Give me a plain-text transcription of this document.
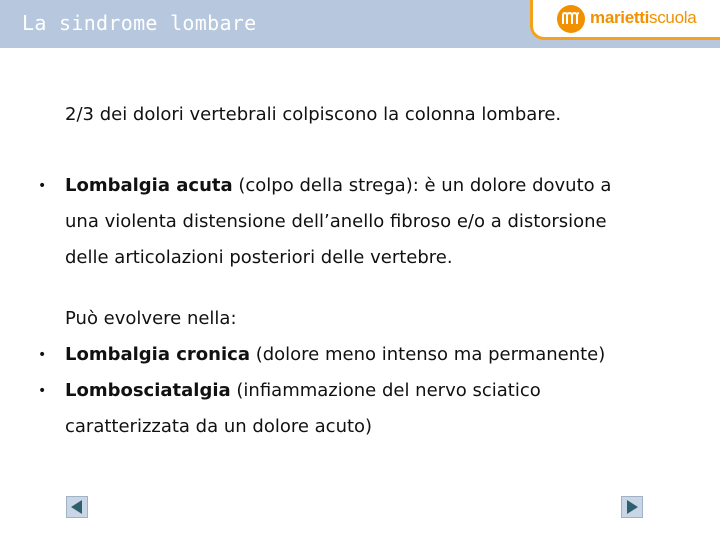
La sindrome lombare	mariettiscuola
2/3 dei dolori vertebrali colpiscono la colonna lombare.
• Lombalgia acuta (colpo della strega): è un dolore dovuto a
una violenta distensione dell’anello fibroso e/o a distorsione
delle articolazioni posteriori delle vertebre.
Può evolvere nella:
• Lombalgia cronica (dolore meno intenso ma permanente)
• Lombosciatalgia (infiammazione del nervo sciatico
caratterizzata da un dolore acuto)
